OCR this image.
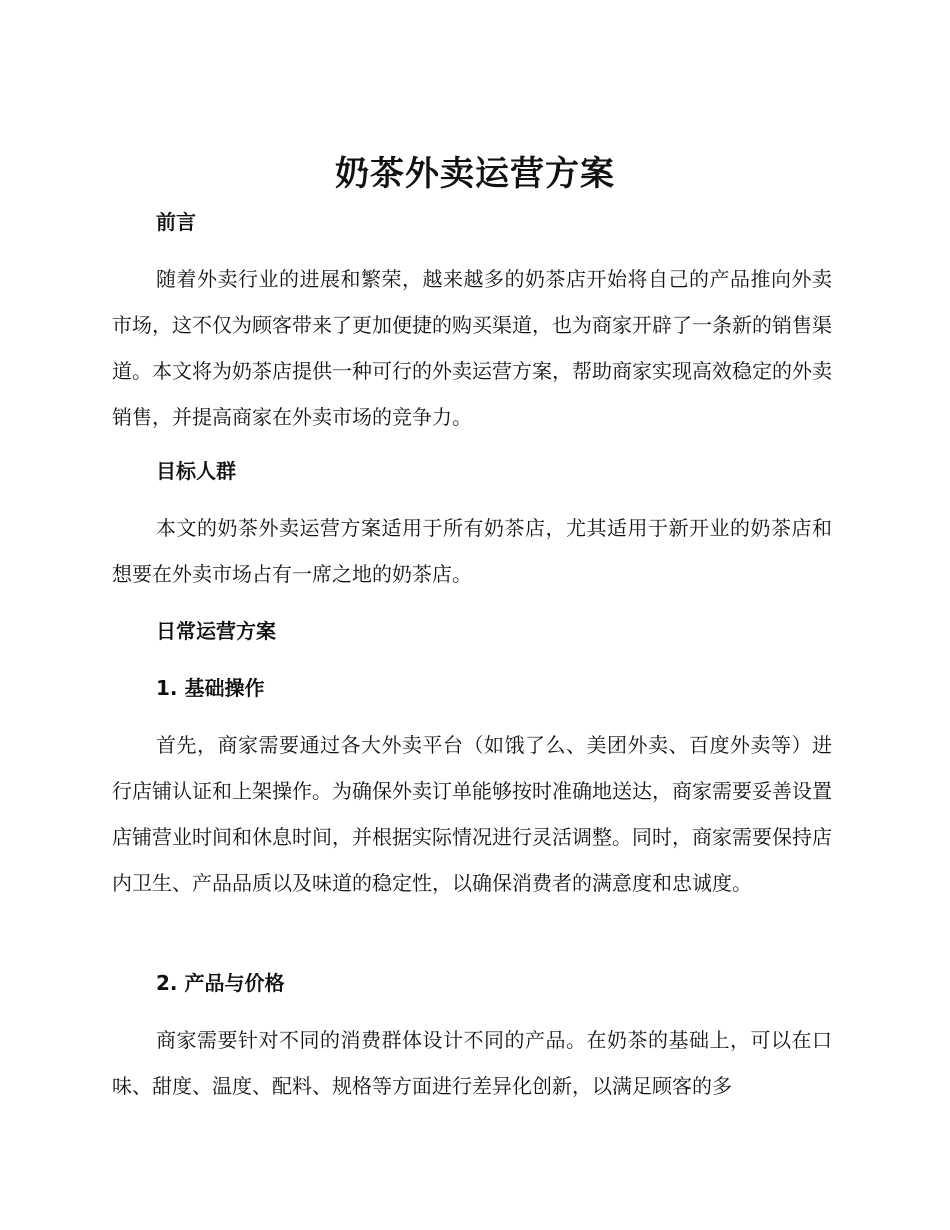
奶茶外卖运营方案
前言
随着外卖行业的进展和繁荣，越来越多的奶茶店开始将自己的产品推向外卖市场，这不仅为顾客带来了更加便捷的购买渠道，也为商家开辟了一条新的销售渠道。本文将为奶茶店提供一种可行的外卖运营方案，帮助商家实现高效稳定的外卖销售，并提高商家在外卖市场的竞争力。
目标人群
本文的奶茶外卖运营方案适用于所有奶茶店，尤其适用于新开业的奶茶店和想要在外卖市场占有一席之地的奶茶店。
日常运营方案
1. 基础操作
首先，商家需要通过各大外卖平台（如饿了么、美团外卖、百度外卖等）进行店铺认证和上架操作。为确保外卖订单能够按时准确地送达，商家需要妥善设置店铺营业时间和休息时间，并根据实际情况进行灵活调整。同时，商家需要保持店内卫生、产品品质以及味道的稳定性，以确保消费者的满意度和忠诚度。
2. 产品与价格
商家需要针对不同的消费群体设计不同的产品。在奶茶的基础上，可以在口味、甜度、温度、配料、规格等方面进行差异化创新，以满足顾客的多
